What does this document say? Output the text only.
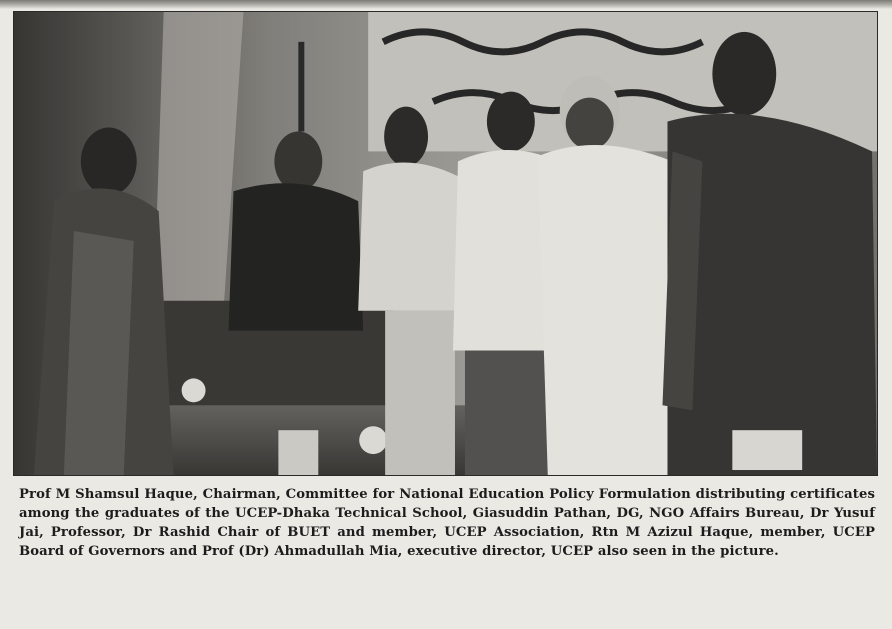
Prof M Shamsul Haque, Chairman, Committee for National Education Policy Formulation distributing certificates among the graduates of the UCEP-Dhaka Technical School, Giasuddin Pathan, DG, NGO Affairs Bureau, Dr Yusuf Jai, Professor, Dr Rashid Chair of BUET and member, UCEP Association, Rtn M Azizul Haque, member, UCEP Board of Governors and Prof (Dr) Ahmadullah Mia, executive director, UCEP also seen in the picture.
